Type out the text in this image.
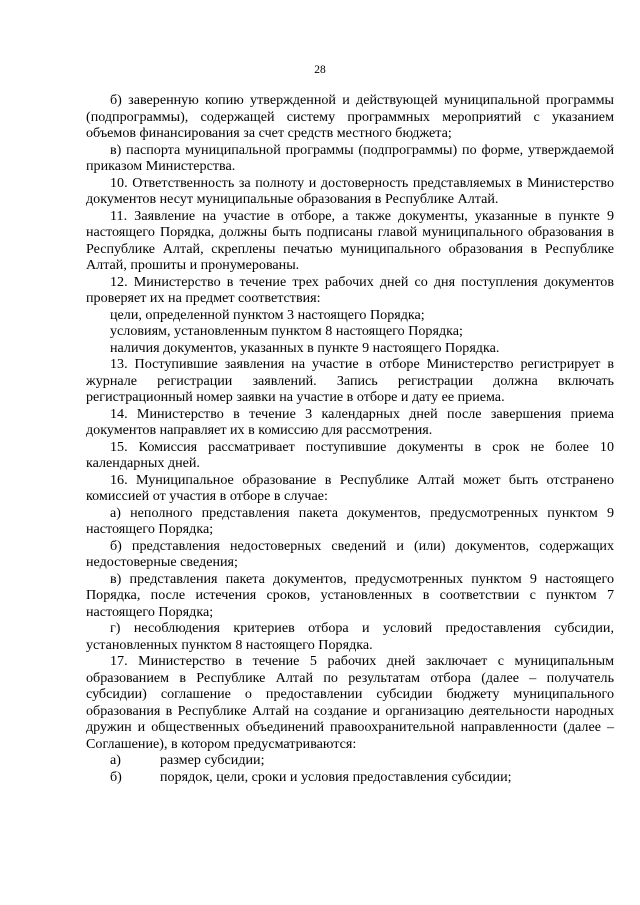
28

б) заверенную копию утвержденной и действующей муниципальной программы (подпрограммы), содержащей систему программных мероприятий с указанием объемов финансирования за счет средств местного бюджета;

в) паспорта муниципальной программы (подпрограммы) по форме, утверждаемой приказом Министерства.

10. Ответственность за полноту и достоверность представляемых в Министерство документов несут муниципальные образования в Республике Алтай.

11. Заявление на участие в отборе, а также документы, указанные в пункте 9 настоящего Порядка, должны быть подписаны главой муниципального образования в Республике Алтай, скреплены печатью муниципального образования в Республике Алтай, прошиты и пронумерованы.

12. Министерство в течение трех рабочих дней со дня поступления документов проверяет их на предмет соответствия:

цели, определенной пунктом 3 настоящего Порядка;

условиям, установленным пунктом 8 настоящего Порядка;

наличия документов, указанных в пункте 9 настоящего Порядка.

13. Поступившие заявления на участие в отборе Министерство регистрирует в журнале регистрации заявлений. Запись регистрации должна включать регистрационный номер заявки на участие в отборе и дату ее приема.

14. Министерство в течение 3 календарных дней после завершения приема документов направляет их в комиссию для рассмотрения.

15. Комиссия рассматривает поступившие документы в срок не более 10 календарных дней.

16. Муниципальное образование в Республике Алтай может быть отстранено комиссией от участия в отборе в случае:

а) неполного представления пакета документов, предусмотренных пунктом 9 настоящего Порядка;

б) представления недостоверных сведений и (или) документов, содержащих недостоверные сведения;

в) представления пакета документов, предусмотренных пунктом 9 настоящего Порядка, после истечения сроков, установленных в соответствии с пунктом 7 настоящего Порядка;

г) несоблюдения критериев отбора и условий предоставления субсидии, установленных пунктом 8 настоящего Порядка.

17. Министерство в течение 5 рабочих дней заключает с муниципальным образованием в Республике Алтай по результатам отбора (далее – получатель субсидии) соглашение о предоставлении субсидии бюджету муниципального образования в Республике Алтай на создание и организацию деятельности народных дружин и общественных объединений правоохранительной направленности (далее – Соглашение), в котором предусматриваются:

а)	размер субсидии;
б)	порядок, цели, сроки и условия предоставления субсидии;
